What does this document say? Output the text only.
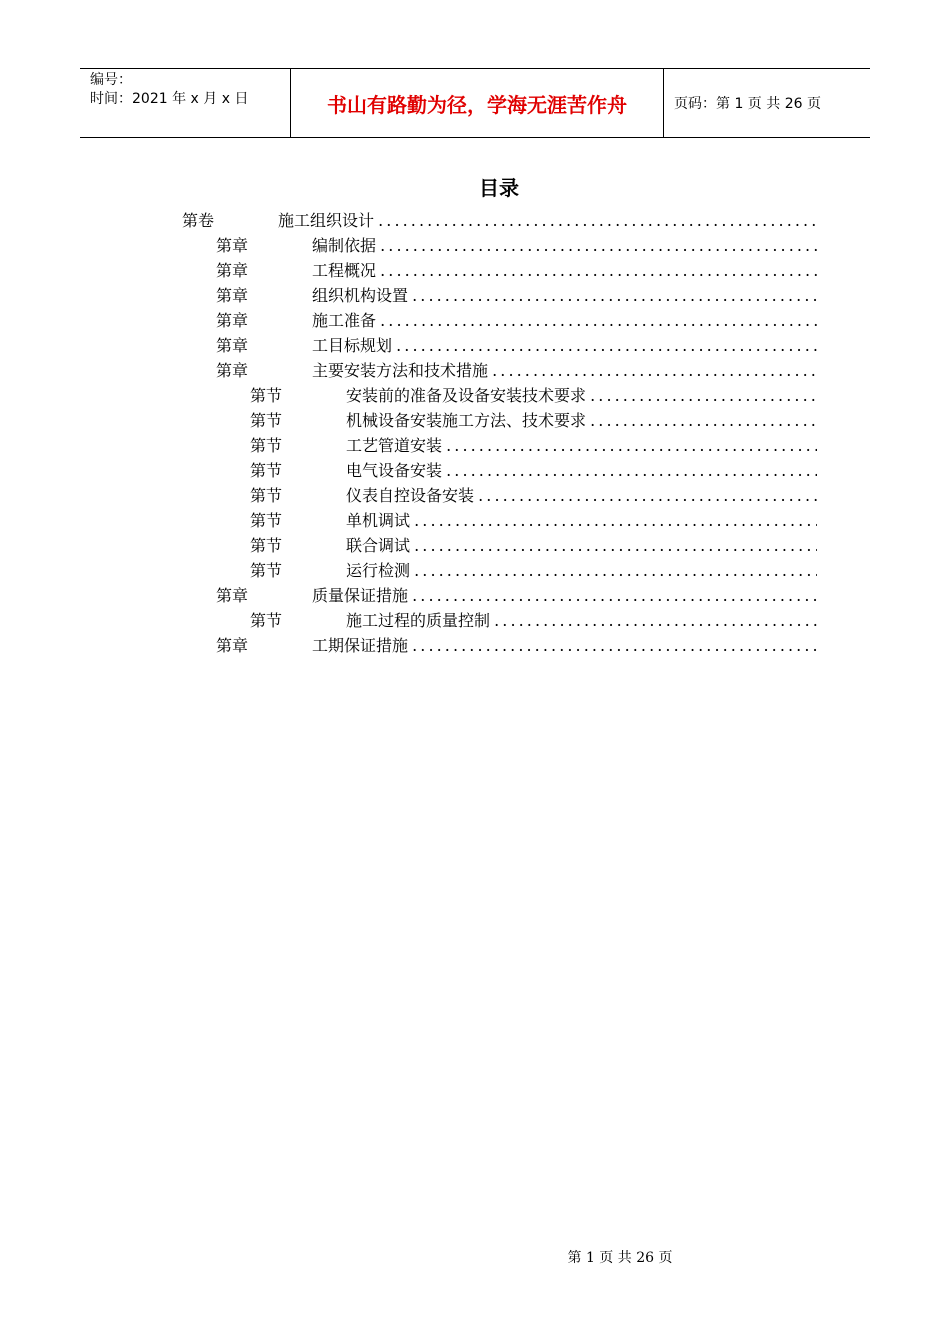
编号：
时间：2021 年 x 月 x 日	书山有路勤为径，学海无涯苦作舟	页码：第 1 页 共 26 页
目录
第卷	施工组织设计 . . .
第章	编制依据 . . .
第章	工程概况 . . .
第章	组织机构设置 . . .
第章	施工准备 . . .
第章	工目标规划 . . .
第章	主要安装方法和技术措施 . . .
第节	安装前的准备及设备安装技术要求 . . .
第节	机械设备安装施工方法、技术要求 . . .
第节	工艺管道安装 . . .
第节	电气设备安装 . . .
第节	仪表自控设备安装 . . .
第节	单机调试 . . .
第节	联合调试 . . .
第节	运行检测 . . .
第章	质量保证措施 . . .
第节	施工过程的质量控制 . . .
第章	工期保证措施 . . .
第 1 页 共 26 页
